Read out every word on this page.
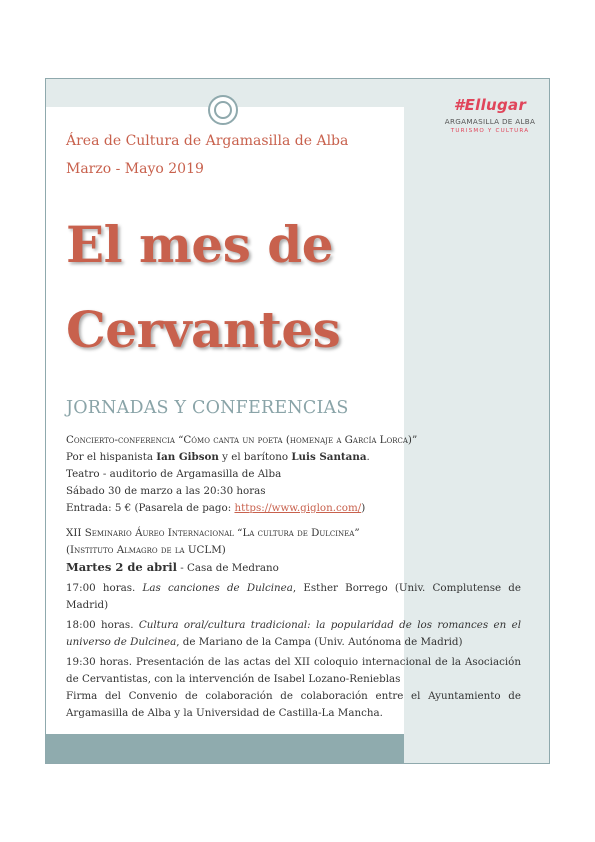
#Ellugar
ARGAMASILLA DE ALBA
TURISMO Y CULTURA
Área de Cultura de Argamasilla de Alba
Marzo - Mayo 2019
El mes de
Cervantes
JORNADAS Y CONFERENCIAS

Concierto-conferencia “Cómo canta un poeta (homenaje a García Lorca)”

Por el hispanista Ian Gibson y el barítono Luis Santana.

Teatro - auditorio de Argamasilla de Alba

Sábado 30 de marzo a las 20:30 horas

Entrada: 5 € (Pasarela de pago: https://www.giglon.com/)

XII Seminario Áureo Internacional “La cultura de Dulcinea”

(Instituto Almagro de la UCLM)

Martes 2 de abril - Casa de Medrano

17:00 horas. Las canciones de Dulcinea, Esther Borrego (Univ. Complutense de Madrid)

18:00 horas. Cultura oral/cultura tradicional: la popularidad de los romances en el universo de Dulcinea, de Mariano de la Campa (Univ. Autónoma de Madrid)

19:30 horas. Presentación de las actas del XII coloquio internacional de la Asociación de Cervantistas, con la intervención de Isabel Lozano-Renieblas

Firma del Convenio de colaboración de colaboración entre el Ayuntamiento de Argamasilla de Alba y la Universidad de Castilla-La Mancha.
